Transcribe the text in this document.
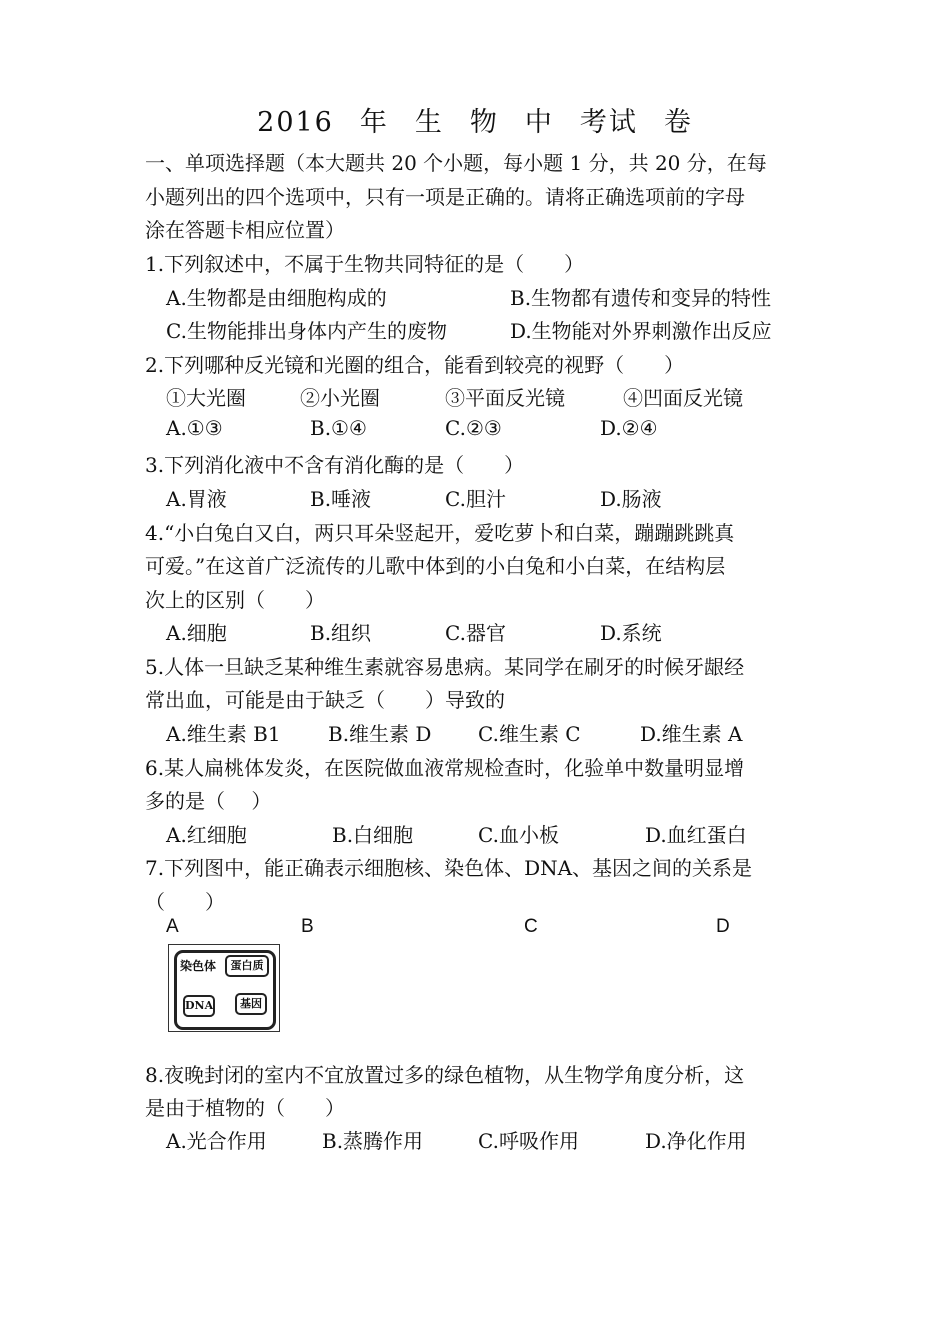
2016 年 生 物 中 考试 卷
一、单项选择题（本大题共 20 个小题，每小题 1 分，共 20 分，在每
小题列出的四个选项中，只有一项是正确的。请将正确选项前的字母
涂在答题卡相应位置）
1.下列叙述中，不属于生物共同特征的是（　　）
A.生物都是由细胞构成的	B.生物都有遗传和变异的特性
C.生物能排出身体内产生的废物	D.生物能对外界刺激作出反应
2.下列哪种反光镜和光圈的组合，能看到较亮的视野（　　）
①大光圈	②小光圈	③平面反光镜	④凹面反光镜
A.①③	B.①④	C.②③	D.②④
3.下列消化液中不含有消化酶的是（　　）
A.胃液	B.唾液	C.胆汁	D.肠液
4.“小白兔白又白，两只耳朵竖起开，爱吃萝卜和白菜，蹦蹦跳跳真
可爱。”在这首广泛流传的儿歌中体到的小白兔和小白菜，在结构层
次上的区别（　　）
A.细胞	B.组织	C.器官	D.系统
5.人体一旦缺乏某种维生素就容易患病。某同学在刷牙的时候牙龈经
常出血，可能是由于缺乏（　　）导致的
A.维生素 B1 B.维生素 D C.维生素 C	D.维生素 A
6.某人扁桃体发炎，在医院做血液常规检查时，化验单中数量明显增
多的是（　 ）
A.红细胞	B.白细胞	C.血小板	D.血红蛋白
7.下列图中，能正确表示细胞核、染色体、DNA、基因之间的关系是
（　　）
A	B	C	D
染色体	蛋白质
DNA	基因
8.夜晚封闭的室内不宜放置过多的绿色植物，从生物学角度分析，这
是由于植物的（　　）
A.光合作用	B.蒸腾作用	C.呼吸作用	D.净化作用
